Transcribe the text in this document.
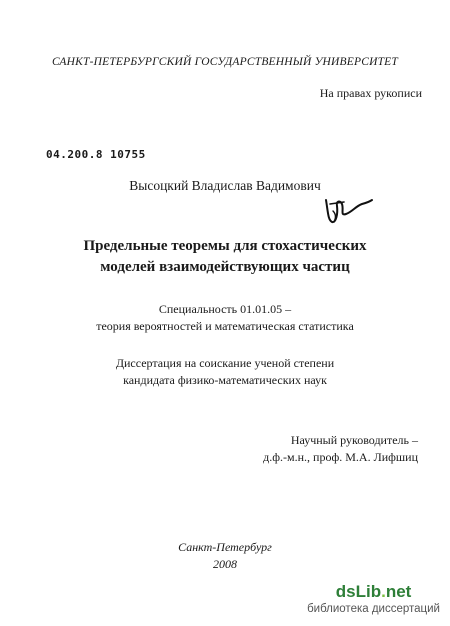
САНКТ-ПЕТЕРБУРГСКИЙ ГОСУДАРСТВЕННЫЙ УНИВЕРСИТЕТ
На правах рукописи
04.200.8 10755
Высоцкий Владислав Вадимович
Предельные теоремы для стохастических
моделей взаимодействующих частиц
Специальность 01.01.05 –
теория вероятностей и математическая статистика
Диссертация на соискание ученой степени
кандидата физико-математических наук
Научный руководитель –
д.ф.-м.н., проф. М.А. Лифшиц
Санкт-Петербург
2008
dsLib.net
библиотека диссертаций
